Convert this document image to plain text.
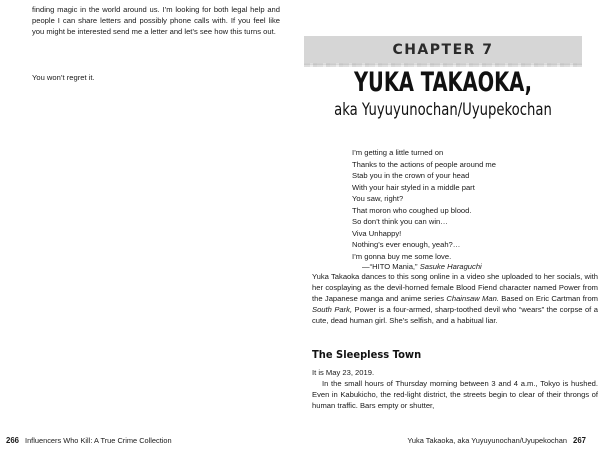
finding magic in the world around us. I’m looking for both legal help and people I can share letters and possibly phone calls with. If you feel like you might be interested send me a letter and let’s see how this turns out.

You won’t regret it.

266 Influencers Who Kill: A True Crime Collection
CHAPTER 7
YUKA TAKAOKA,
aka Yuyuyunochan/Uyupekochan
I’m getting a little turned on
Thanks to the actions of people around me
Stab you in the crown of your head
With your hair styled in a middle part
You saw, right?
That moron who coughed up blood.
So don’t think you can win…
Viva Unhappy!
Nothing’s ever enough, yeah?…
I’m gonna buy me some love.
—“HITO Mania,” Sasuke Haraguchi

Yuka Takaoka dances to this song online in a video she uploaded to her socials, with her cosplaying as the devil-horned female Blood Fiend character named Power from the Japanese manga and anime series Chainsaw Man. Based on Eric Cartman from South Park, Power is a four-armed, sharp-toothed devil who “wears” the corpse of a cute, dead human girl. She’s selfish, and a habitual liar.

The Sleepless Town

It is May 23, 2019.

In the small hours of Thursday morning between 3 and 4 a.m., Tokyo is hushed. Even in Kabukicho, the red-light district, the streets begin to clear of their throngs of human traffic. Bars empty or shutter,

Yuka Takaoka, aka Yuyuyunochan/Uyupekochan 267
